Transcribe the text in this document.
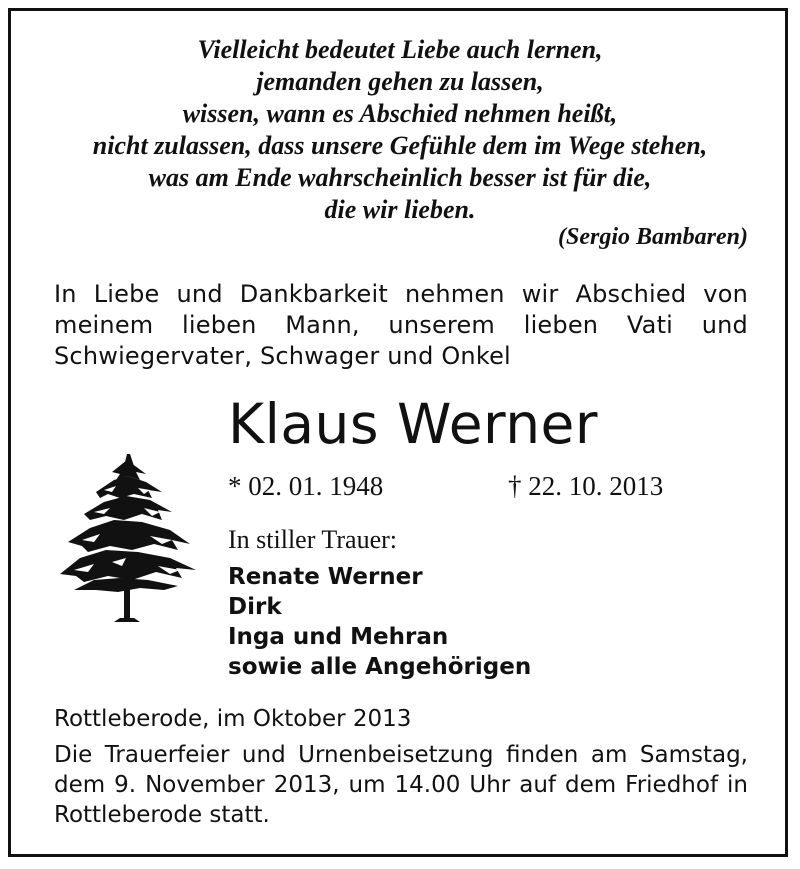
Vielleicht bedeutet Liebe auch lernen,
jemanden gehen zu lassen,
wissen, wann es Abschied nehmen heißt,
nicht zulassen, dass unsere Gefühle dem im Wege stehen,
was am Ende wahrscheinlich besser ist für die,
die wir lieben.
(Sergio Bambaren)
In Liebe und Dankbarkeit nehmen wir Abschied von meinem lieben Mann, unserem lieben Vati und Schwiegervater, Schwager und Onkel
Klaus Werner
* 02. 01. 1948	† 22. 10. 2013
In stiller Trauer:
Renate Werner
Dirk
Inga und Mehran
sowie alle Angehörigen
Rottleberode, im Oktober 2013
Die Trauerfeier und Urnenbeisetzung finden am Samstag, dem 9. November 2013, um 14.00 Uhr auf dem Friedhof in Rottleberode statt.
